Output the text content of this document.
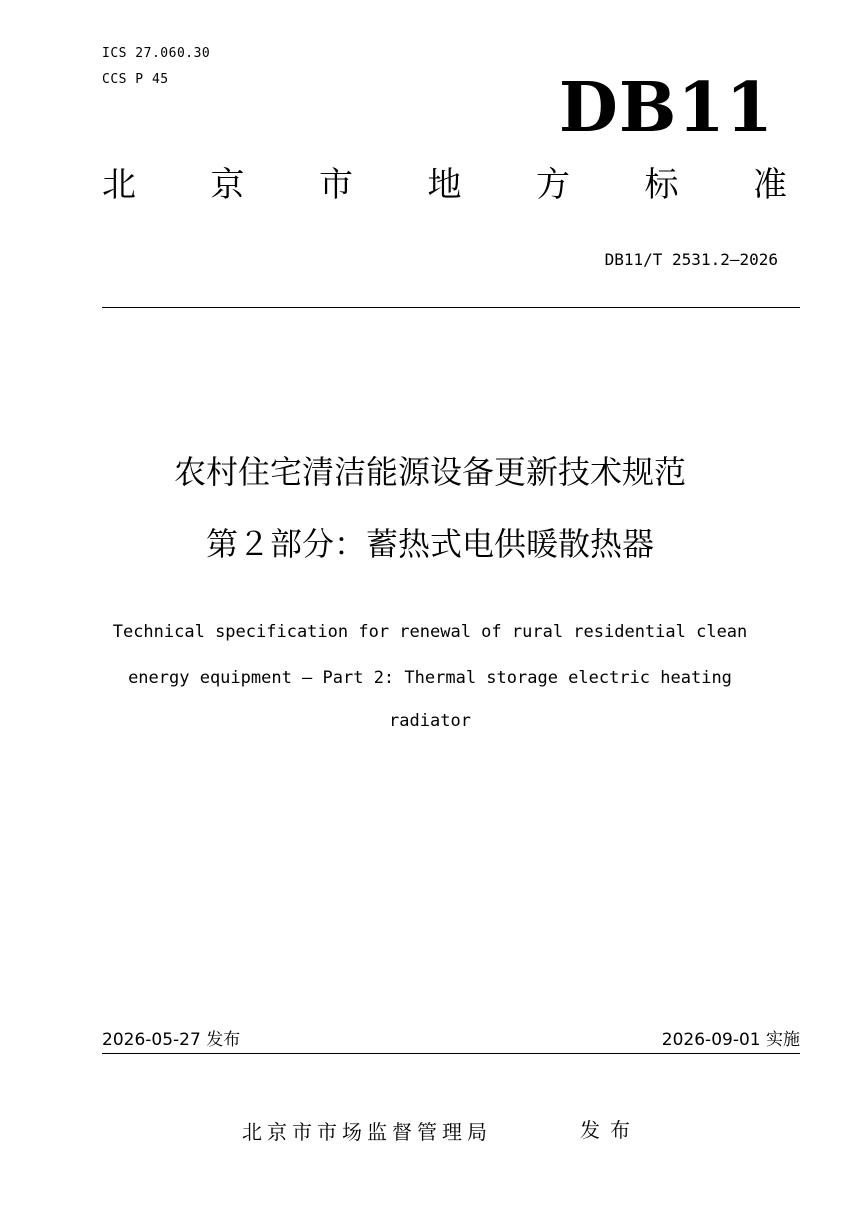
ICS 27.060.30
CCS P 45	DB11
北 京 市 地 方 标 准
DB11/T 2531.2—2026
农村住宅清洁能源设备更新技术规范
第２部分：蓄热式电供暖散热器
Technical specification for renewal of rural residential clean
energy equipment — Part 2: Thermal storage electric heating
radiator
2026-05-27 发布	2026-09-01 实施
北京市市场监督管理局	发布
